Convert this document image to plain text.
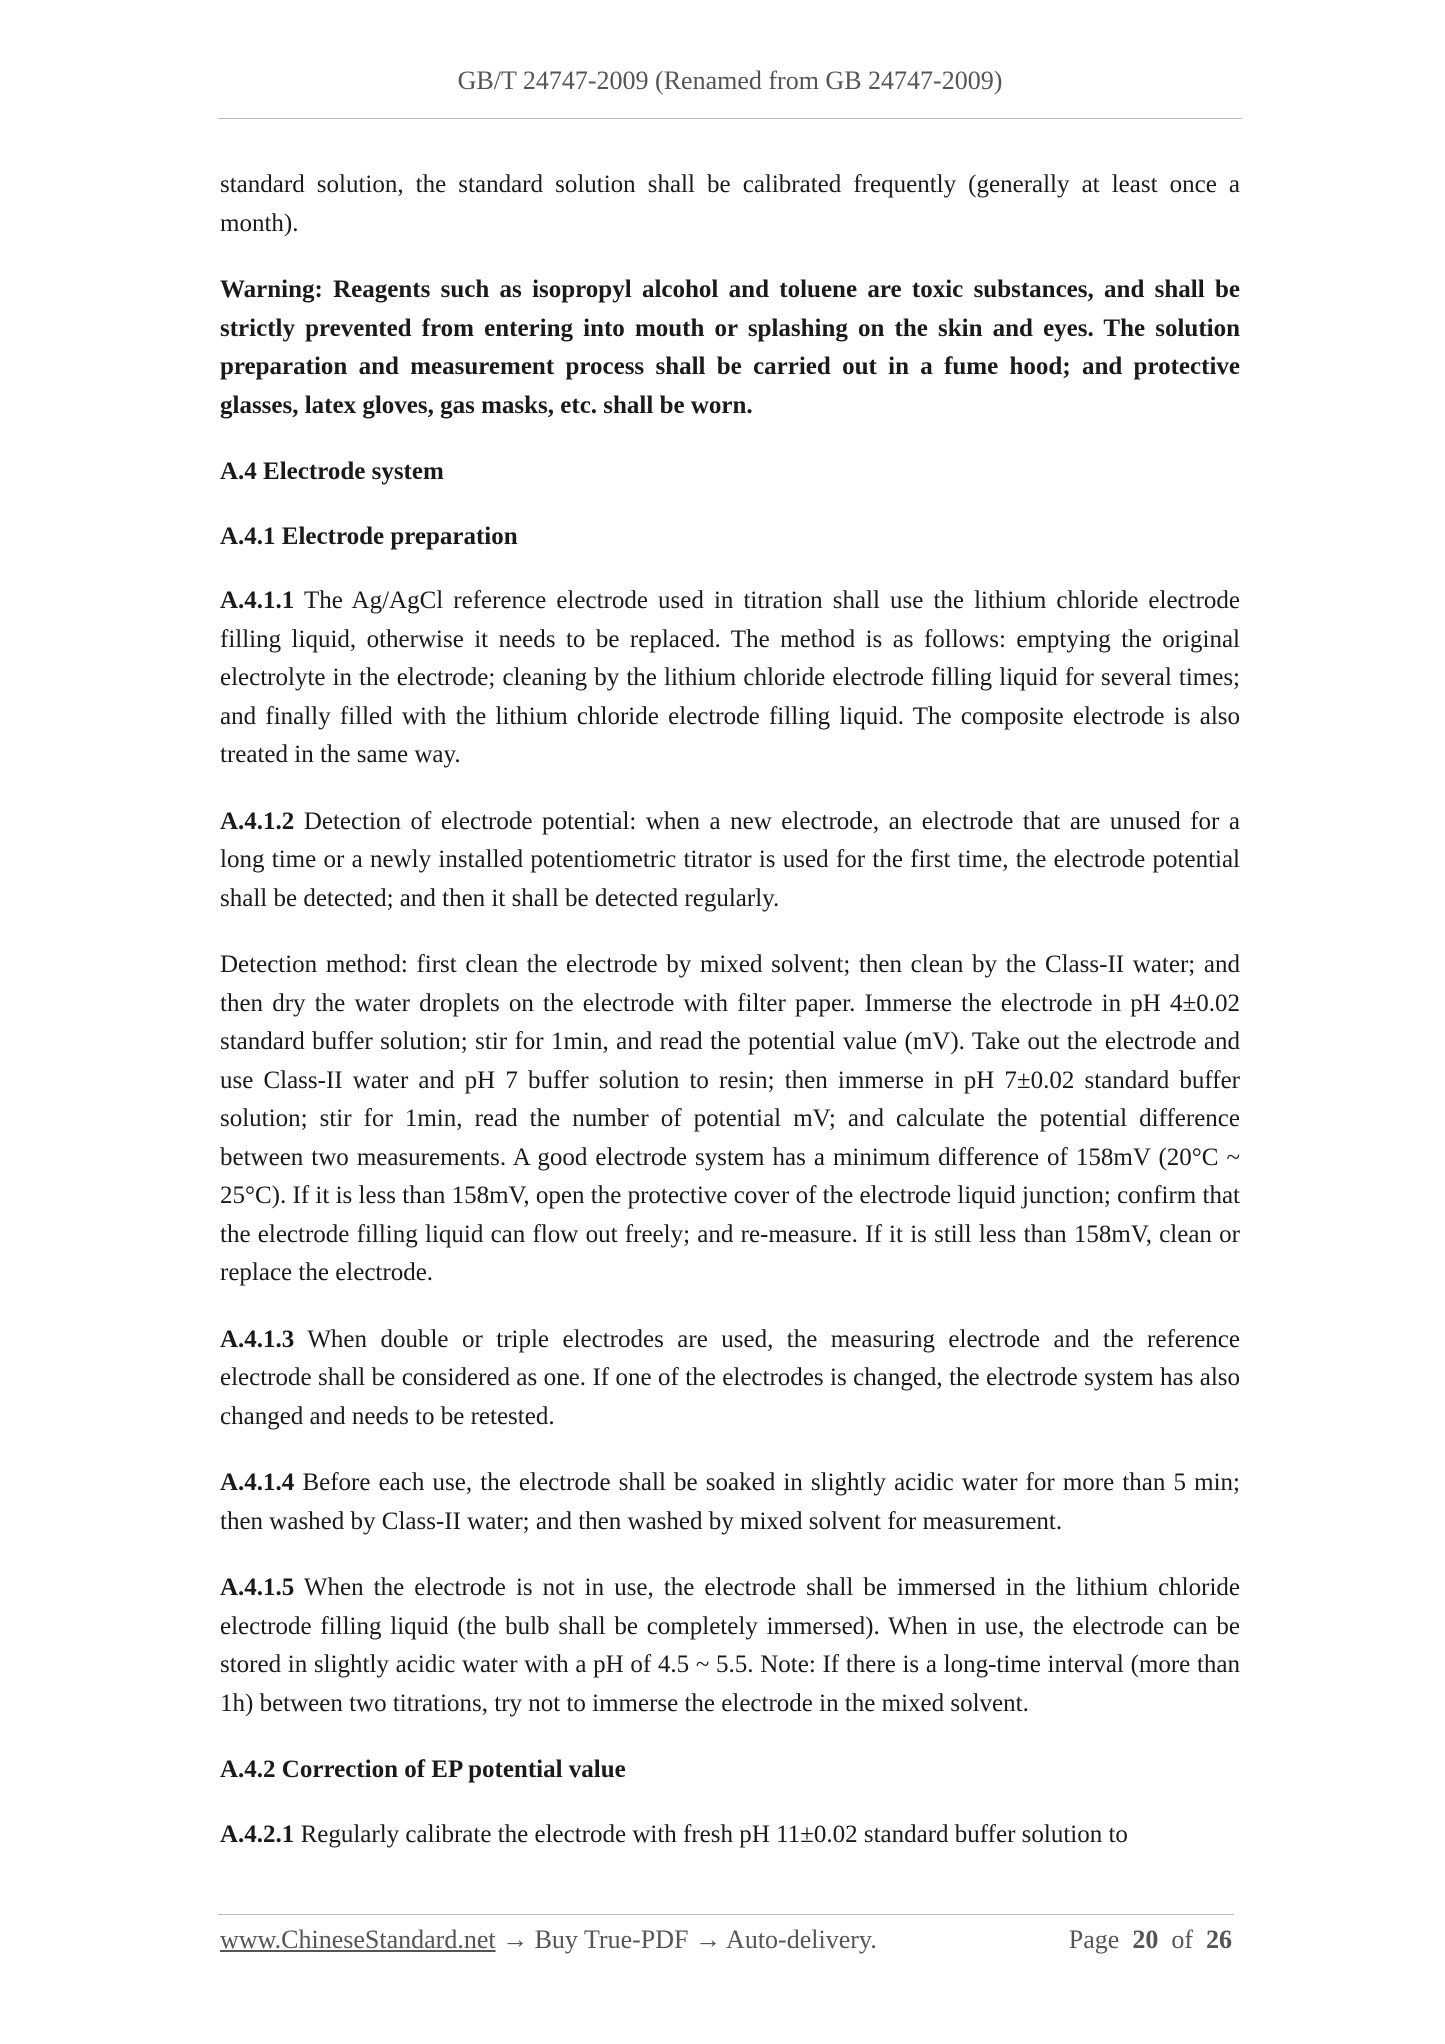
GB/T 24747-2009 (Renamed from GB 24747-2009)

standard solution, the standard solution shall be calibrated frequently (generally at least once a month).

Warning: Reagents such as isopropyl alcohol and toluene are toxic substances, and shall be strictly prevented from entering into mouth or splashing on the skin and eyes. The solution preparation and measurement process shall be carried out in a fume hood; and protective glasses, latex gloves, gas masks, etc. shall be worn.

A.4 Electrode system

A.4.1 Electrode preparation

A.4.1.1 The Ag/AgCl reference electrode used in titration shall use the lithium chloride electrode filling liquid, otherwise it needs to be replaced. The method is as follows: emptying the original electrolyte in the electrode; cleaning by the lithium chloride electrode filling liquid for several times; and finally filled with the lithium chloride electrode filling liquid. The composite electrode is also treated in the same way.

A.4.1.2 Detection of electrode potential: when a new electrode, an electrode that are unused for a long time or a newly installed potentiometric titrator is used for the first time, the electrode potential shall be detected; and then it shall be detected regularly.

Detection method: first clean the electrode by mixed solvent; then clean by the Class-II water; and then dry the water droplets on the electrode with filter paper. Immerse the electrode in pH 4±0.02 standard buffer solution; stir for 1min, and read the potential value (mV). Take out the electrode and use Class-II water and pH 7 buffer solution to resin; then immerse in pH 7±0.02 standard buffer solution; stir for 1min, read the number of potential mV; and calculate the potential difference between two measurements. A good electrode system has a minimum difference of 158mV (20°C ~ 25°C). If it is less than 158mV, open the protective cover of the electrode liquid junction; confirm that the electrode filling liquid can flow out freely; and re-measure. If it is still less than 158mV, clean or replace the electrode.

A.4.1.3 When double or triple electrodes are used, the measuring electrode and the reference electrode shall be considered as one. If one of the electrodes is changed, the electrode system has also changed and needs to be retested.

A.4.1.4 Before each use, the electrode shall be soaked in slightly acidic water for more than 5 min; then washed by Class-II water; and then washed by mixed solvent for measurement.

A.4.1.5 When the electrode is not in use, the electrode shall be immersed in the lithium chloride electrode filling liquid (the bulb shall be completely immersed). When in use, the electrode can be stored in slightly acidic water with a pH of 4.5 ~ 5.5. Note: If there is a long-time interval (more than 1h) between two titrations, try not to immerse the electrode in the mixed solvent.

A.4.2 Correction of EP potential value

A.4.2.1 Regularly calibrate the electrode with fresh pH 11±0.02 standard buffer solution to

www.ChineseStandard.net → Buy True-PDF → Auto-delivery.	Page 20 of 26
